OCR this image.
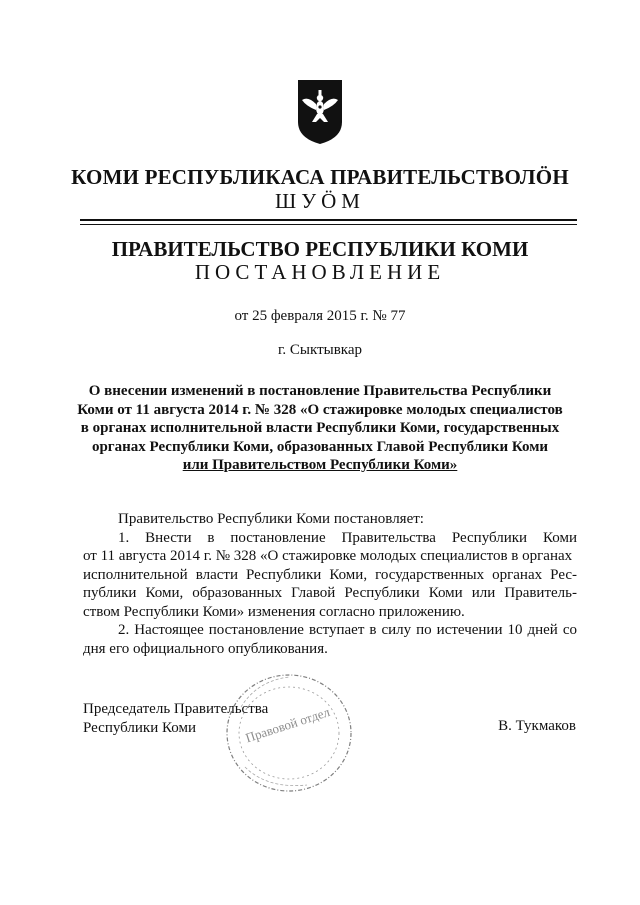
КОМИ РЕСПУБЛИКАСА ПРАВИТЕЛЬСТВОЛÖН
ШУÖМ
ПРАВИТЕЛЬСТВО РЕСПУБЛИКИ КОМИ
ПОСТАНОВЛЕНИЕ
от 25 февраля 2015 г. № 77
г. Сыктывкар
О внесении изменений в постановление Правительства Республики
Коми от 11 августа 2014 г. № 328 «О стажировке молодых специалистов
в органах исполнительной власти Республики Коми, государственных
органах Республики Коми, образованных Главой Республики Коми
или Правительством Республики Коми»
Правительство Республики Коми постановляет:
1. Внести в постановление Правительства Республики Коми
от 11 августа 2014 г. № 328 «О стажировке молодых специалистов в органах
исполнительной власти Республики Коми, государственных органах Рес-
публики Коми, образованных Главой Республики Коми или Правитель-
ством Республики Коми» изменения согласно приложению.
2. Настоящее постановление вступает в силу по истечении 10 дней со
дня его официального опубликования.
Председатель Правительства
Республики Коми	В. Тукмаков
Правовой отдел
